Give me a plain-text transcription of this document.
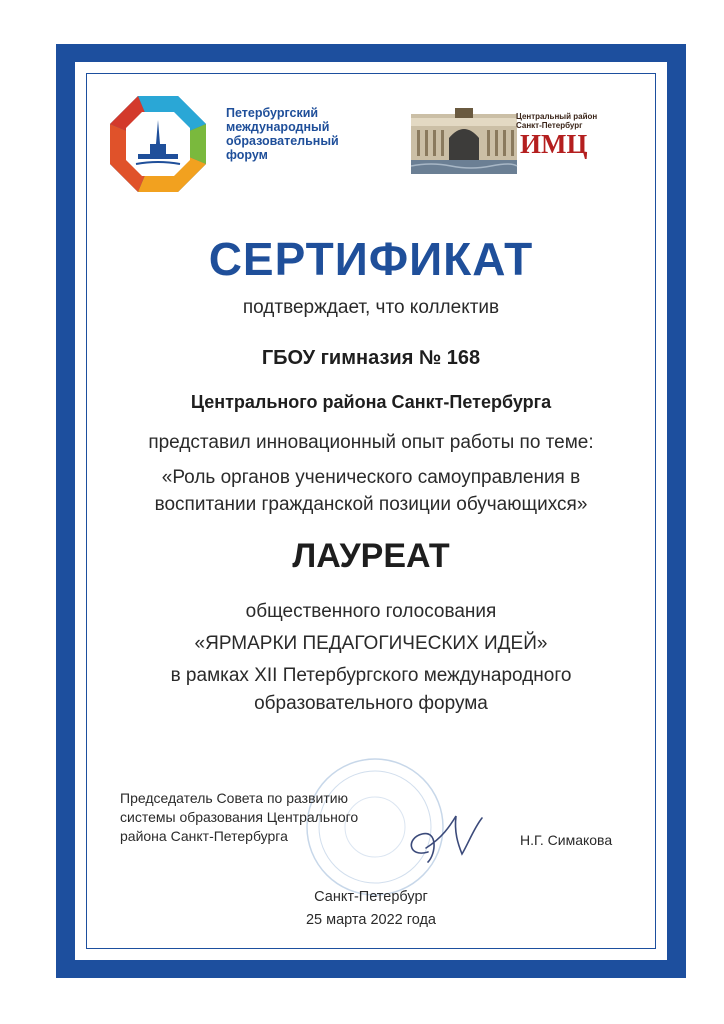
Петербургский
международный
образовательный
форум
Центральный район
Санкт-Петербург
ИМЦ
СЕРТИФИКАТ
подтверждает, что коллектив
ГБОУ гимназия № 168
Центрального района Санкт-Петербурга
представил инновационный опыт работы по теме:
«Роль органов ученического самоуправления в
воспитании гражданской позиции обучающихся»
ЛАУРЕАТ
общественного голосования
«ЯРМАРКИ ПЕДАГОГИЧЕСКИХ ИДЕЙ»
в рамках XII Петербургского международного
образовательного форума
Председатель Совета по развитию
системы образования Центрального
района Санкт-Петербурга	Н.Г. Симакова
Санкт-Петербург
25 марта 2022 года
